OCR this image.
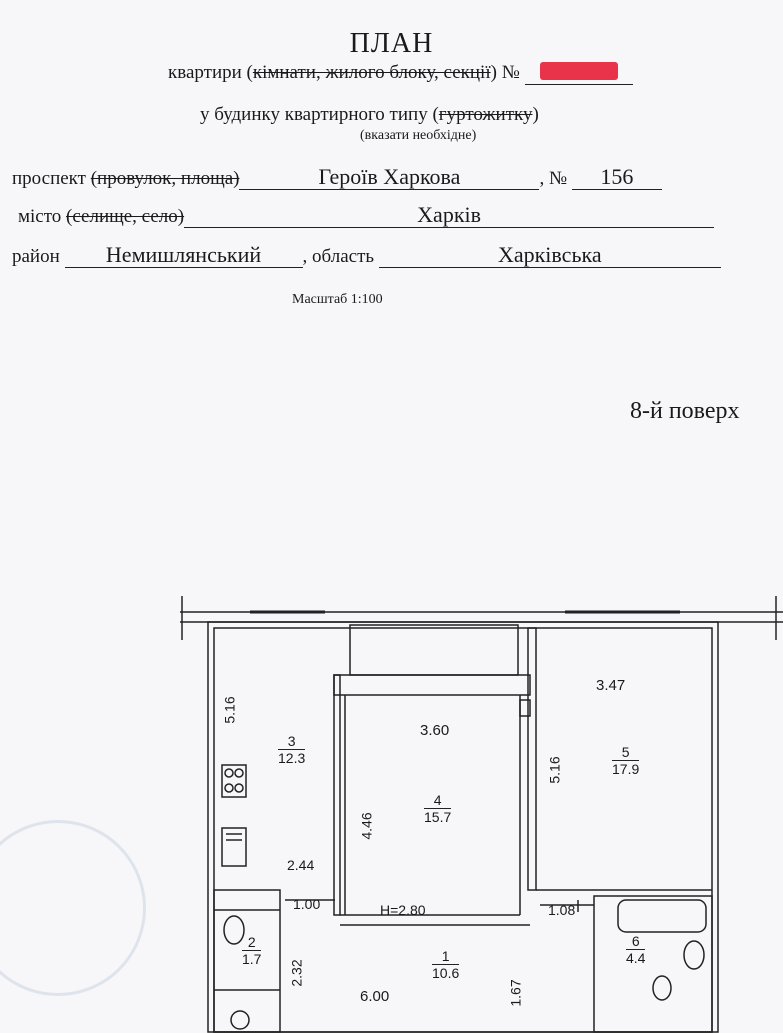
ПЛАН
квартири (кімнати, жилого блоку, секції) №
у будинку квартирного типу (гуртожитку)
(вказати необхідне)
проспект (провулок, площа)	Героїв Харкова	, № 156
місто (селище, село)	Харків
район Немишлянський , область	Харківська
Масштаб 1:100
8-й поверх
5.16
3.60
3.47
5.16
4.46
2.44
1.00	H=2.80	1.08
2.32
6.00	1.67
$\frac{3}{12.3}$
$\frac{4}{15.7}$
$\frac{5}{17.9}$
$\frac{2}{1.7}$	$\frac{1}{10.6}$	$\frac{6}{4.4}$
